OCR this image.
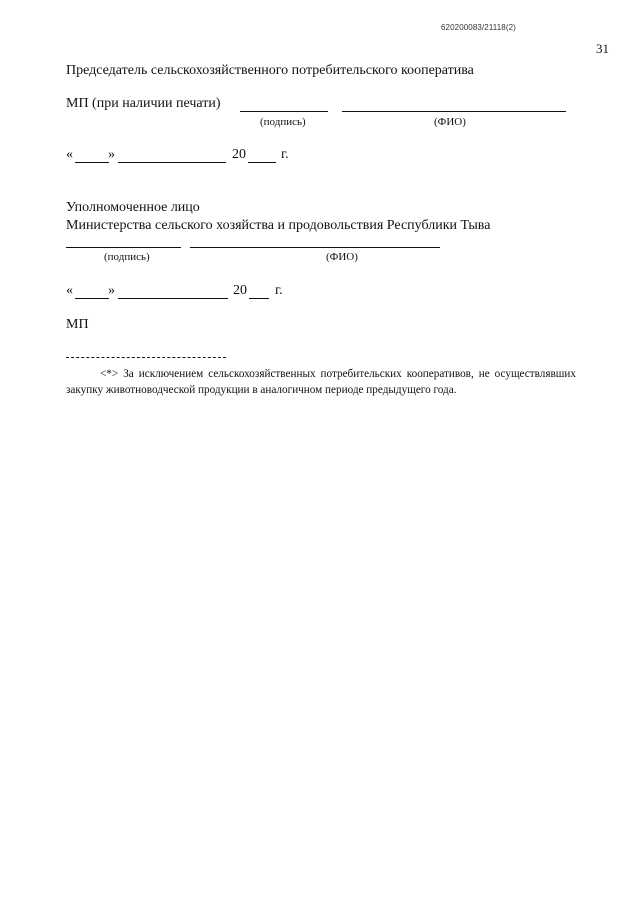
620200083/21118(2)
31
Председатель сельскохозяйственного потребительского кооператива
МП (при наличии печати)
(подпись)	(ФИО)
«	»	20	г.
Уполномоченное лицо
Министерства сельского хозяйства и продовольствия Республики Тыва
(подпись)	(ФИО)
«	»	20 г.
МП
<*> За исключением сельскохозяйственных потребительских кооперативов, не осуществлявших закупку животноводческой продукции в аналогичном периоде предыдущего года.
